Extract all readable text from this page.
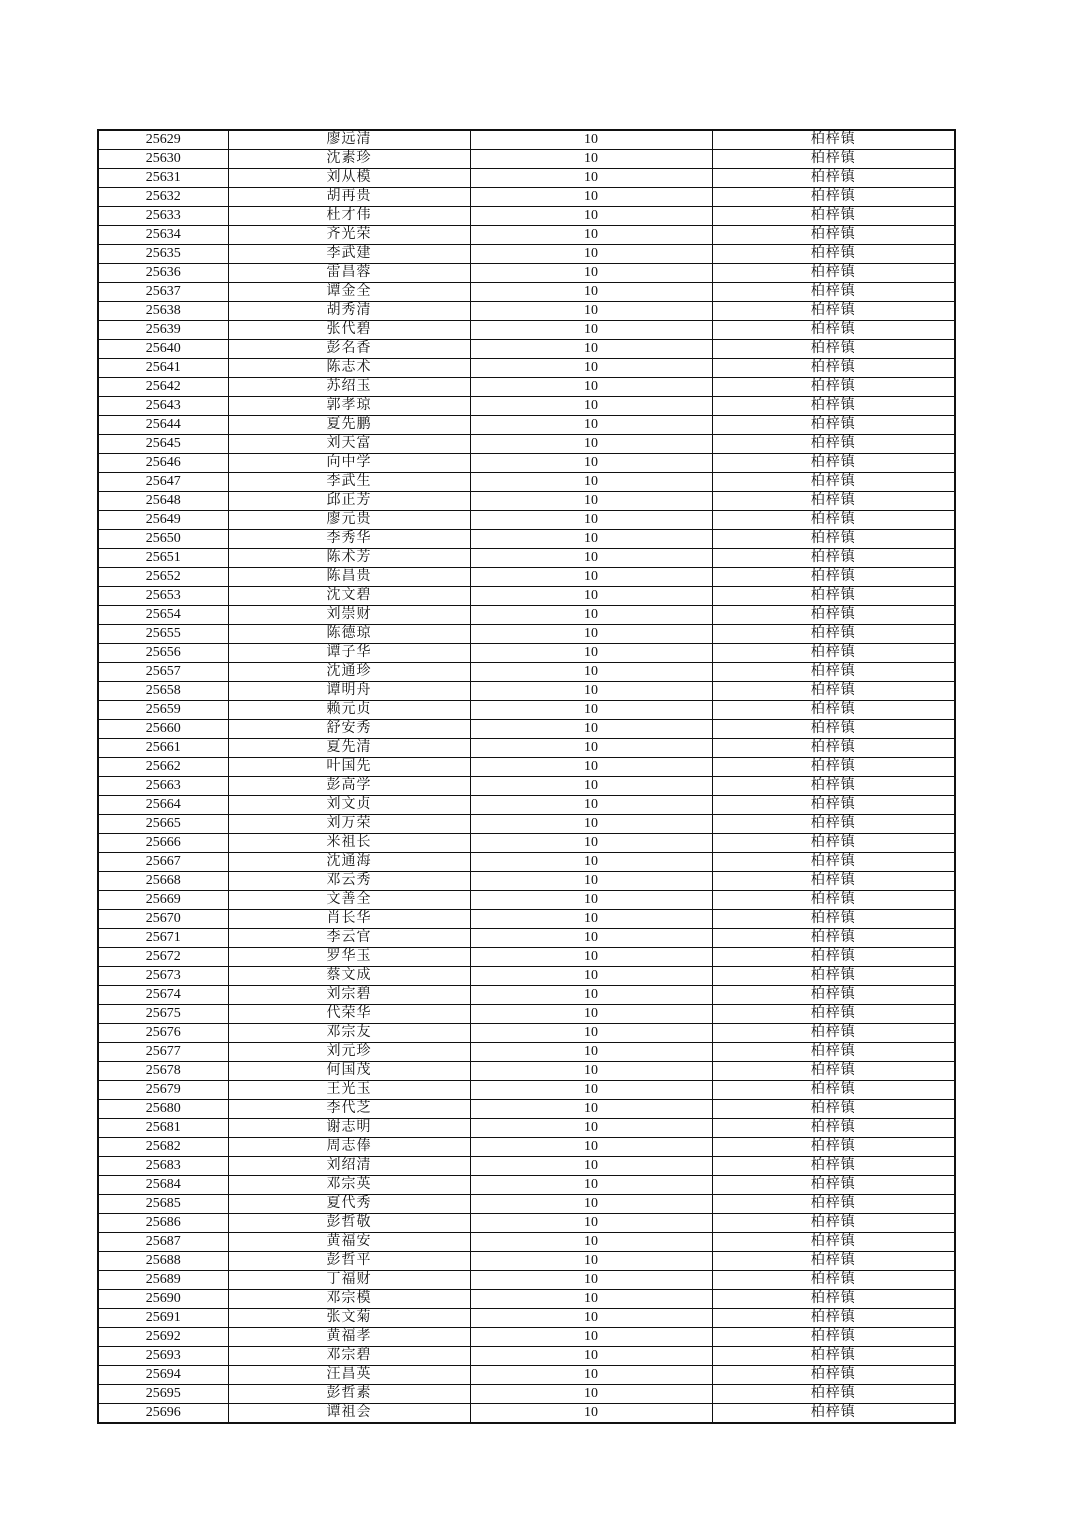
25629	廖远清	10	柏梓镇
25630	沈素珍	10	柏梓镇
25631	刘从模	10	柏梓镇
25632	胡再贵	10	柏梓镇
25633	杜才伟	10	柏梓镇
25634	齐光荣	10	柏梓镇
25635	李武建	10	柏梓镇
25636	雷昌蓉	10	柏梓镇
25637	谭金全	10	柏梓镇
25638	胡秀清	10	柏梓镇
25639	张代碧	10	柏梓镇
25640	彭名香	10	柏梓镇
25641	陈志术	10	柏梓镇
25642	苏绍玉	10	柏梓镇
25643	郭孝琼	10	柏梓镇
25644	夏先鹏	10	柏梓镇
25645	刘天富	10	柏梓镇
25646	向中学	10	柏梓镇
25647	李武生	10	柏梓镇
25648	邱正芳	10	柏梓镇
25649	廖元贵	10	柏梓镇
25650	李秀华	10	柏梓镇
25651	陈术芳	10	柏梓镇
25652	陈昌贵	10	柏梓镇
25653	沈文碧	10	柏梓镇
25654	刘崇财	10	柏梓镇
25655	陈德琼	10	柏梓镇
25656	谭子华	10	柏梓镇
25657	沈通珍	10	柏梓镇
25658	谭明舟	10	柏梓镇
25659	赖元贞	10	柏梓镇
25660	舒安秀	10	柏梓镇
25661	夏先清	10	柏梓镇
25662	叶国先	10	柏梓镇
25663	彭高学	10	柏梓镇
25664	刘文贞	10	柏梓镇
25665	刘万荣	10	柏梓镇
25666	米祖长	10	柏梓镇
25667	沈通海	10	柏梓镇
25668	邓云秀	10	柏梓镇
25669	文善全	10	柏梓镇
25670	肖长华	10	柏梓镇
25671	李云官	10	柏梓镇
25672	罗华玉	10	柏梓镇
25673	蔡文成	10	柏梓镇
25674	刘宗碧	10	柏梓镇
25675	代荣华	10	柏梓镇
25676	邓宗友	10	柏梓镇
25677	刘元珍	10	柏梓镇
25678	何国茂	10	柏梓镇
25679	王光玉	10	柏梓镇
25680	李代芝	10	柏梓镇
25681	谢志明	10	柏梓镇
25682	周志俸	10	柏梓镇
25683	刘绍清	10	柏梓镇
25684	邓宗英	10	柏梓镇
25685	夏代秀	10	柏梓镇
25686	彭哲敬	10	柏梓镇
25687	黄福安	10	柏梓镇
25688	彭哲平	10	柏梓镇
25689	丁福财	10	柏梓镇
25690	邓宗模	10	柏梓镇
25691	张文菊	10	柏梓镇
25692	黄福孝	10	柏梓镇
25693	邓宗碧	10	柏梓镇
25694	汪昌英	10	柏梓镇
25695	彭哲素	10	柏梓镇
25696	谭祖会	10	柏梓镇
